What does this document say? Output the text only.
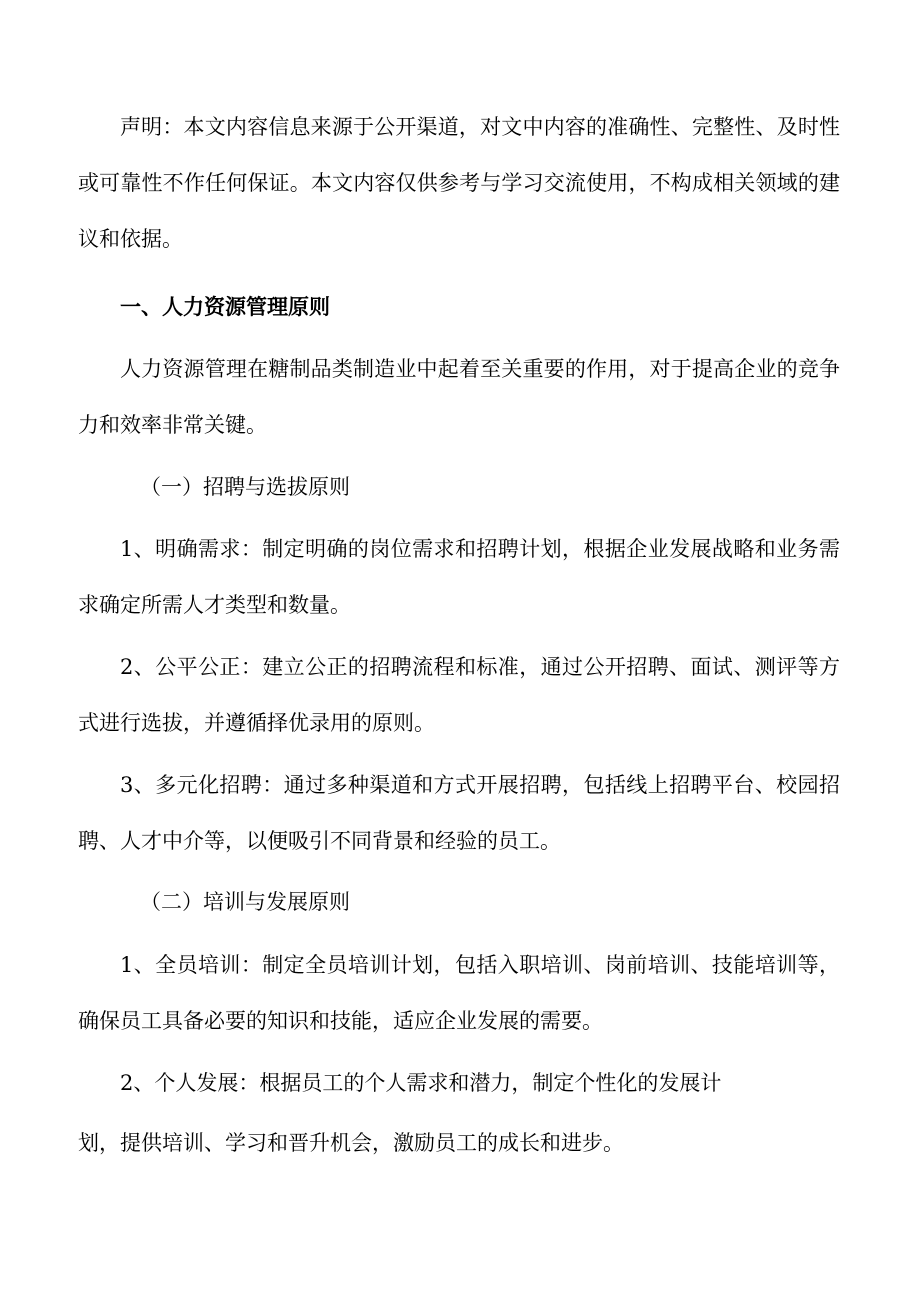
声明：本文内容信息来源于公开渠道，对文中内容的准确性、完整性、及时性或可靠性不作任何保证。本文内容仅供参考与学习交流使用，不构成相关领域的建议和依据。

一、人力资源管理原则

人力资源管理在糖制品类制造业中起着至关重要的作用，对于提高企业的竞争力和效率非常关键。

（一）招聘与选拔原则

1、明确需求：制定明确的岗位需求和招聘计划，根据企业发展战略和业务需求确定所需人才类型和数量。

2、公平公正：建立公正的招聘流程和标准，通过公开招聘、面试、测评等方式进行选拔，并遵循择优录用的原则。

3、多元化招聘：通过多种渠道和方式开展招聘，包括线上招聘平台、校园招聘、人才中介等，以便吸引不同背景和经验的员工。

（二）培训与发展原则

1、全员培训：制定全员培训计划，包括入职培训、岗前培训、技能培训等，确保员工具备必要的知识和技能，适应企业发展的需要。

2、个人发展：根据员工的个人需求和潜力，制定个性化的发展计

划，提供培训、学习和晋升机会，激励员工的成长和进步。
